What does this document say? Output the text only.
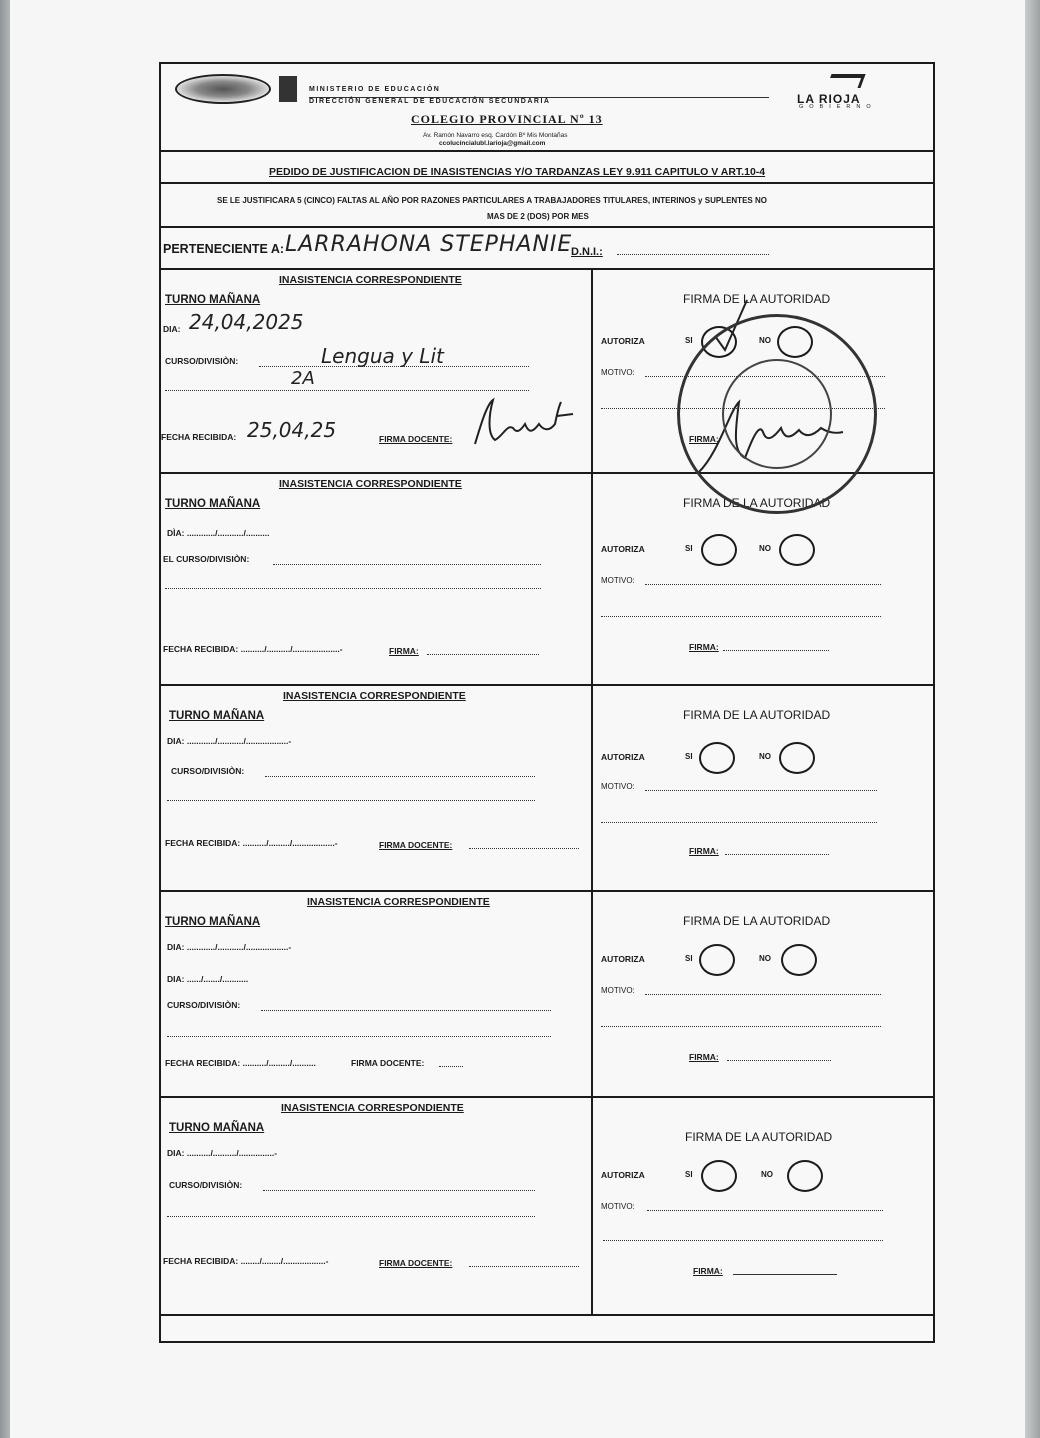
MINISTERIO DE EDUCACIÓN
DIRECCIÓN GENERAL DE EDUCACIÓN SECUNDARIA
COLEGIO PROVINCIAL Nº 13
Av. Ramón Navarro esq. Cardón Bº Mis Montañas
ccolucincialubl.larioja@gmail.com
LA RIOJA
GOBIERNO
PEDIDO DE JUSTIFICACION DE INASISTENCIAS Y/O TARDANZAS LEY 9.911 CAPITULO V ART.10-4
SE LE JUSTIFICARA 5 (CINCO) FALTAS AL AÑO POR RAZONES PARTICULARES A TRABAJADORES TITULARES, INTERINOS y SUPLENTES NO
MAS DE 2 (DOS) POR MES
PERTENECIENTE A: LARRAHONA STEPHANIE
D.N.I.:
INASISTENCIA CORRESPONDIENTE
TURNO MAÑANA
DIA: 24,04,2025
CURSO/DIVISIÒN:	Lengua y Lit
2A
FECHA RECIBIDA: 25,04,25	FIRMA DOCENTE:
FIRMA DE LA AUTORIDAD
AUTORIZA	SI	NO
MOTIVO:
FIRMA:
INASISTENCIA CORRESPONDIENTE
TURNO MAÑANA
DÌA: ............/.........../..........
EL CURSO/DIVISIÒN:
FECHA RECIBIDA: ........../........../....................-	FIRMA:
FIRMA DE LA AUTORIDAD
AUTORIZA	SI	NO
MOTIVO:
FIRMA:
INASISTENCIA CORRESPONDIENTE
TURNO MAÑANA
DIA: ............/.........../..................-
CURSO/DIVISIÒN:
FECHA RECIBIDA: ........../........./..................-	FIRMA DOCENTE:
FIRMA DE LA AUTORIDAD
AUTORIZA	SI	NO
MOTIVO:
FIRMA:
INASISTENCIA CORRESPONDIENTE
TURNO MAÑANA
DIA: ............/.........../..................-
DIA: ....../......./...........
CURSO/DIVISIÒN:
FECHA RECIBIDA: ........../........./..........	FIRMA DOCENTE:
FIRMA DE LA AUTORIDAD
AUTORIZA	SI	NO
MOTIVO:
FIRMA:
INASISTENCIA CORRESPONDIENTE
TURNO MAÑANA
DIA: ........../........../...............-
CURSO/DIVISIÒN:
FECHA RECIBIDA: ......../......../..................-	FIRMA DOCENTE:
FIRMA DE LA AUTORIDAD
AUTORIZA	SI	NO
MOTIVO:
FIRMA:
